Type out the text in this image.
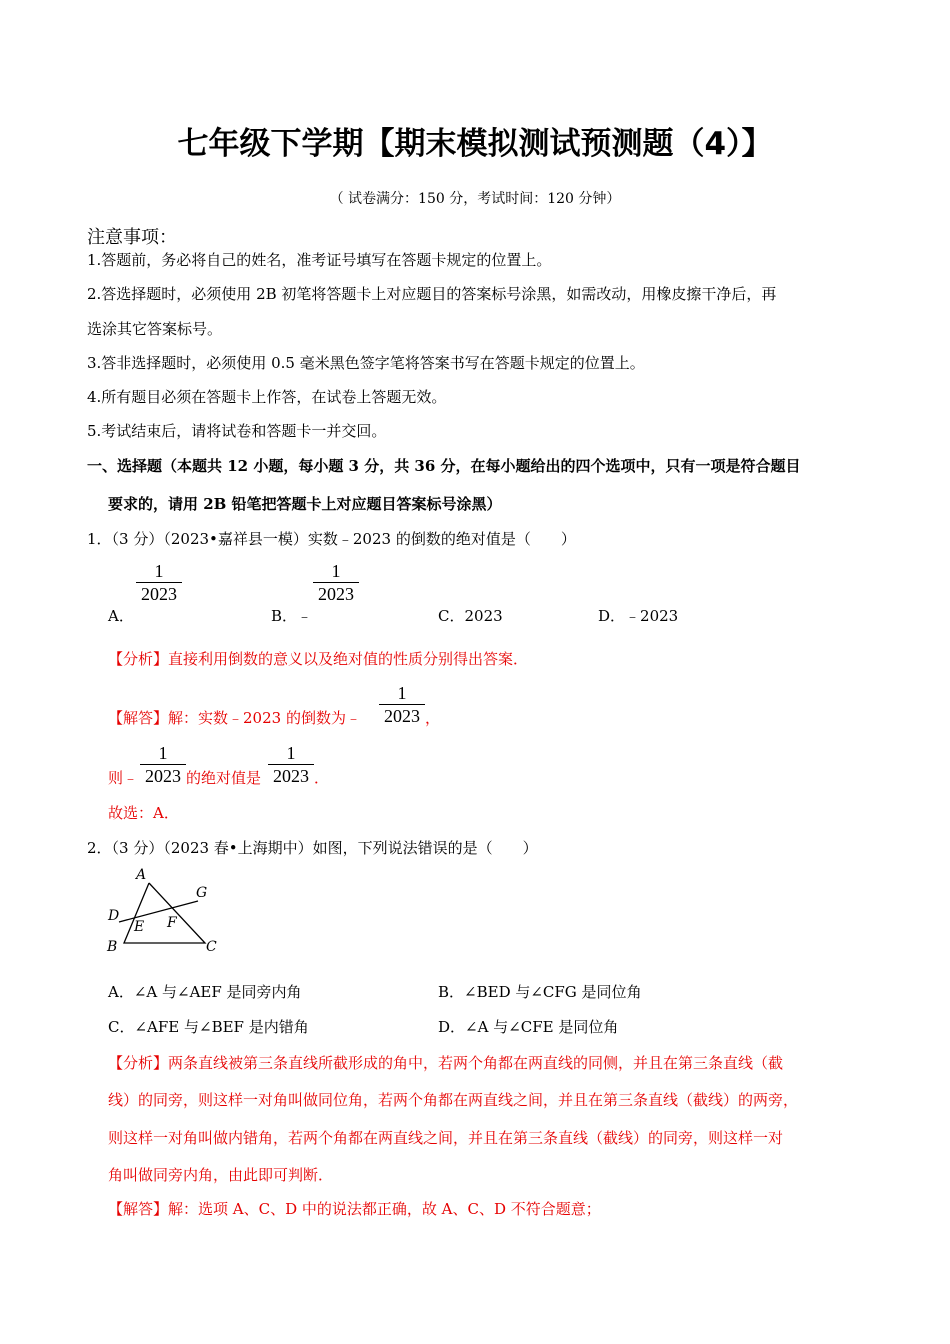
七年级下学期【期末模拟测试预测题（4）】
（ 试卷满分：150 分，考试时间：120 分钟）
注意事项：
1.答题前，务必将自己的姓名，准考证号填写在答题卡规定的位置上。
2.答选择题时，必须使用 2B 初笔将答题卡上对应题目的答案标号涂黑，如需改动，用橡皮擦干净后，再
选涂其它答案标号。
3.答非选择题时，必须使用 0.5 毫米黑色签字笔将答案书写在答题卡规定的位置上。
4.所有题目必须在答题卡上作答，在试卷上答题无效。
5.考试结束后，请将试卷和答题卡一并交回。
一、选择题（本题共 12 小题，每小题 3 分，共 36 分，在每小题给出的四个选项中，只有一项是符合题目
要求的，请用 2B 铅笔把答题卡上对应题目答案标号涂黑）
1．（3 分）（2023•嘉祥县一模）实数﹣2023 的倒数的绝对值是（　　）
$\frac{1}{2023}$	$\frac{1}{2023}$
A．	B．﹣	C．2023	D．﹣2023
【分析】直接利用倒数的意义以及绝对值的性质分别得出答案．
【解答】解：实数﹣2023 的倒数为﹣ $\frac{1}{2023}$ ，
则﹣ $\frac{1}{2023}$ 的绝对值是 $\frac{1}{2023}$ ．
故选：A．
2．（3 分）（2023 春•上海期中）如图，下列说法错误的是（　　）
A
G
D
E F
B	C
A．∠A 与∠AEF 是同旁内角	B．∠BED 与∠CFG 是同位角
C．∠AFE 与∠BEF 是内错角	D．∠A 与∠CFE 是同位角
【分析】两条直线被第三条直线所截形成的角中，若两个角都在两直线的同侧，并且在第三条直线（截
线）的同旁，则这样一对角叫做同位角，若两个角都在两直线之间，并且在第三条直线（截线）的两旁，
则这样一对角叫做内错角，若两个角都在两直线之间，并且在第三条直线（截线）的同旁，则这样一对
角叫做同旁内角，由此即可判断．
【解答】解：选项 A、C、D 中的说法都正确，故 A、C、D 不符合题意；
